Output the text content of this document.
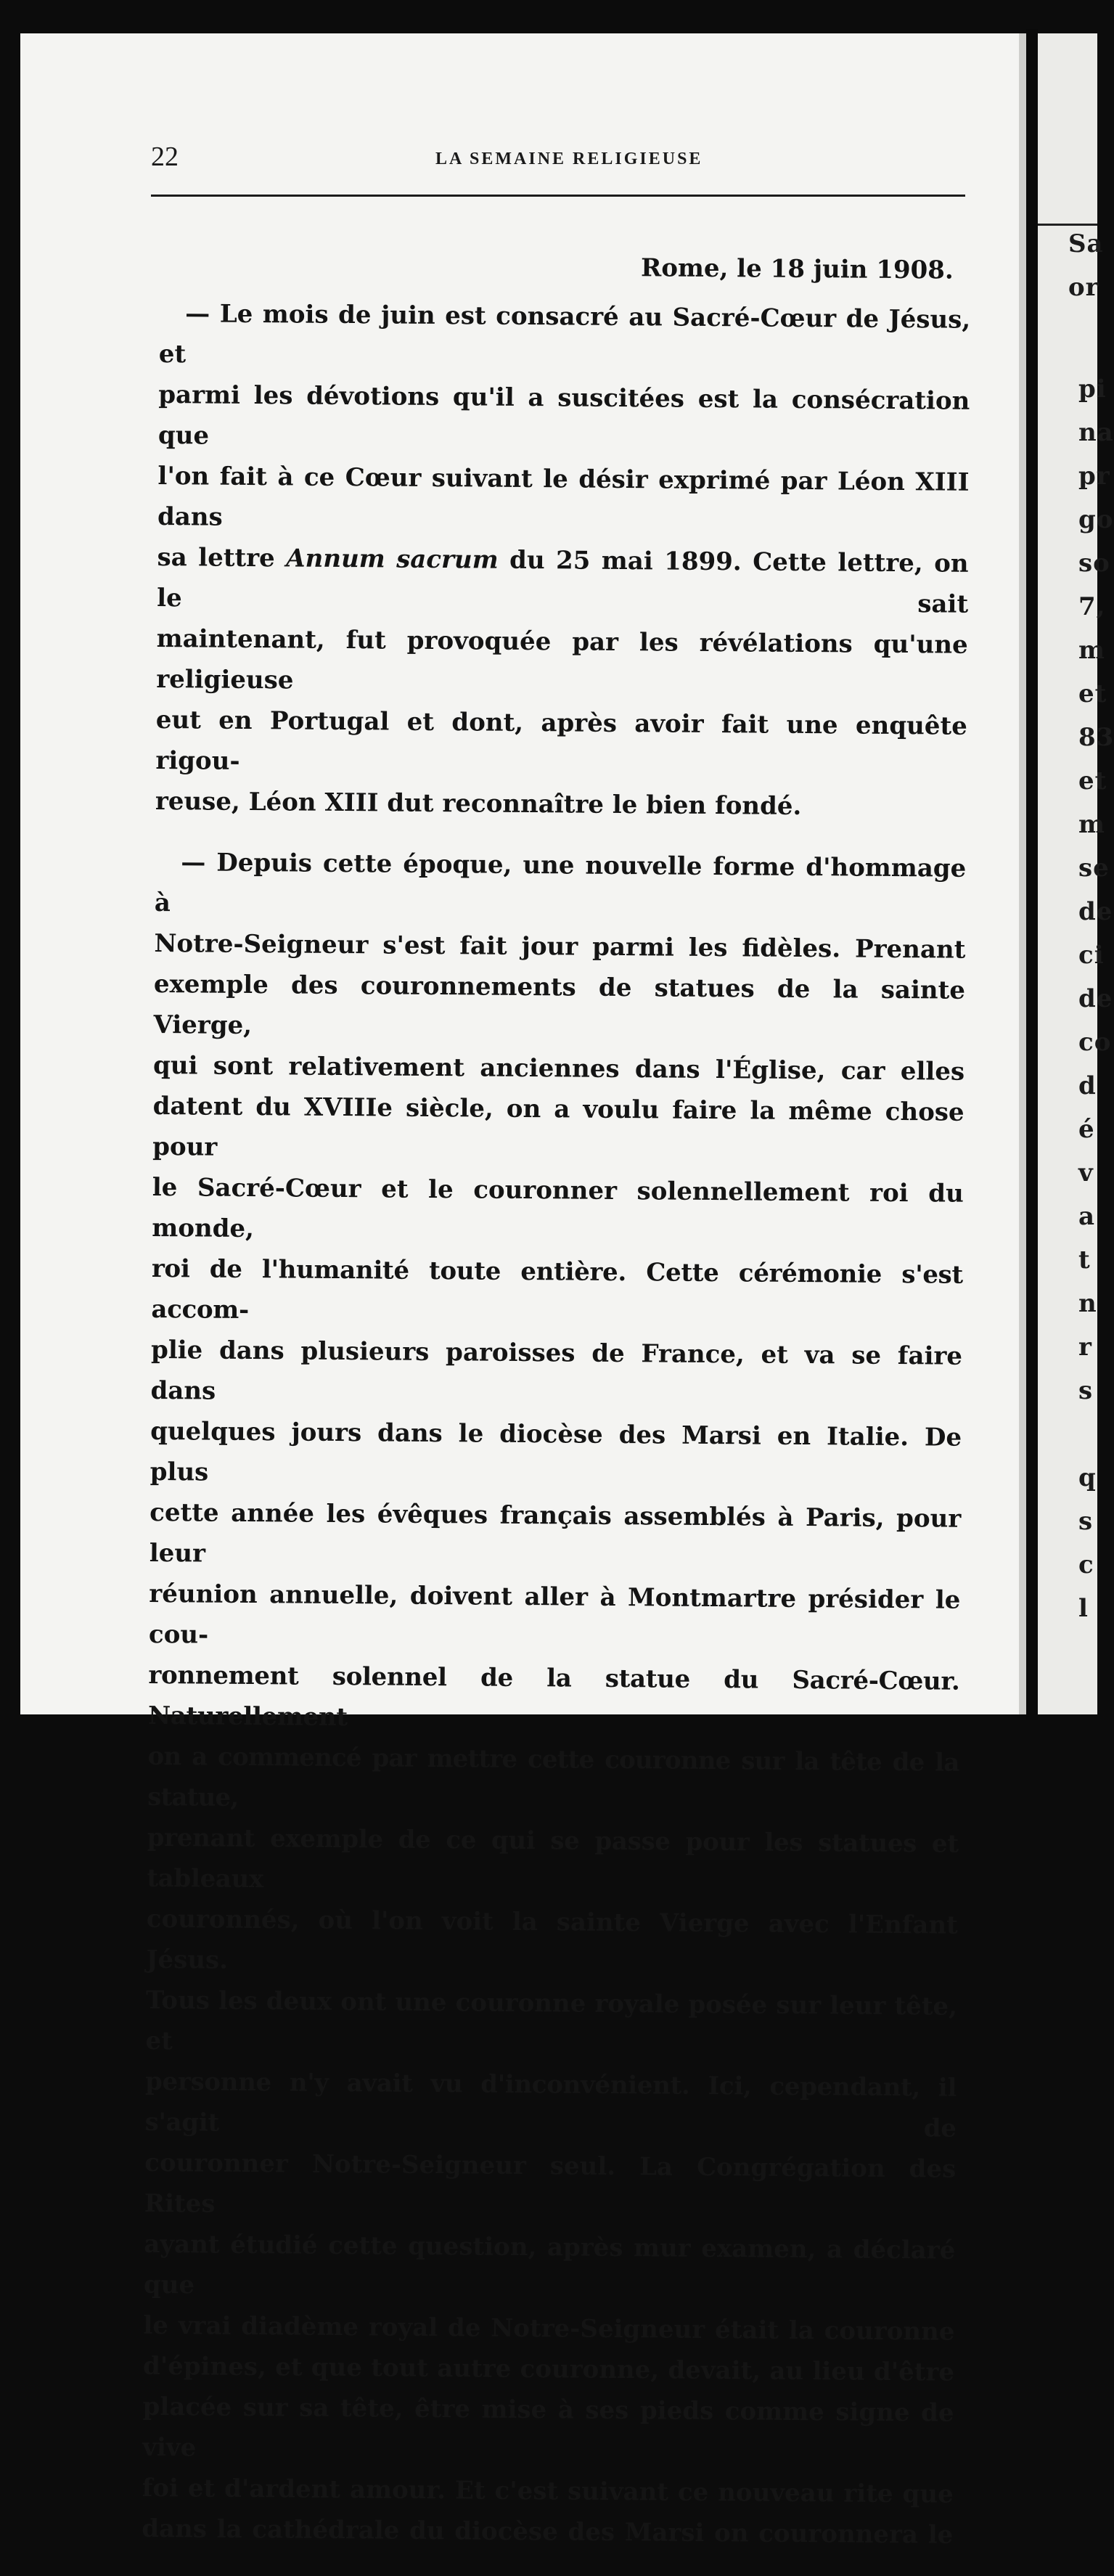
22	LA SEMAINE RELIGIEUSE
Rome, le 18 juin 1908.
— Le mois de juin est consacré au Sacré-Cœur de Jésus, et
parmi les dévotions qu'il a suscitées est la consécration que
l'on fait à ce Cœur suivant le désir exprimé par Léon XIII dans
sa lettre Annum sacrum du 25 mai 1899. Cette lettre, on le sait
maintenant, fut provoquée par les révélations qu'une religieuse
eut en Portugal et dont, après avoir fait une enquête rigou-
reuse, Léon XIII dut reconnaître le bien fondé.
— Depuis cette époque, une nouvelle forme d'hommage à
Notre-Seigneur s'est fait jour parmi les fidèles. Prenant
exemple des couronnements de statues de la sainte Vierge,
qui sont relativement anciennes dans l'Église, car elles
datent du XVIIIe siècle, on a voulu faire la même chose pour
le Sacré-Cœur et le couronner solennellement roi du monde,
roi de l'humanité toute entière. Cette cérémonie s'est accom-
plie dans plusieurs paroisses de France, et va se faire dans
quelques jours dans le diocèse des Marsi en Italie. De plus
cette année les évêques français assemblés à Paris, pour leur
réunion annuelle, doivent aller à Montmartre présider le cou-
ronnement solennel de la statue du Sacré-Cœur. Naturellement
on a commencé par mettre cette couronne sur la tête de la statue,
prenant exemple de ce qui se passe pour les statues et tableaux
couronnés, où l'on voit la sainte Vierge avec l'Enfant Jésus.
Tous les deux ont une couronne royale posée sur leur tête, et
personne n'y avait vu d'inconvénient. Ici, cependant, il s'agit de
couronner Notre-Seigneur seul. La Congrégation des Rites
ayant étudié cette question, après mur examen, a déclaré que
le vrai diadème royal de Notre-Seigneur était la couronne
d'épines, et que tout autre couronne, devait, au lieu d'être
placée sur sa tête, être mise à ses pieds comme signe de vive
foi et d'ardent amour. Et c'est suivant ce nouveau rite que
dans la cathédrale du diocèse des Marsi on couronnera le
Sa
or
pi
na
pr
go
so
7,
m
et
83
et
m
se
de
ci
de
co
d
é
v
a
t
n
r
s
q
s
c
l
